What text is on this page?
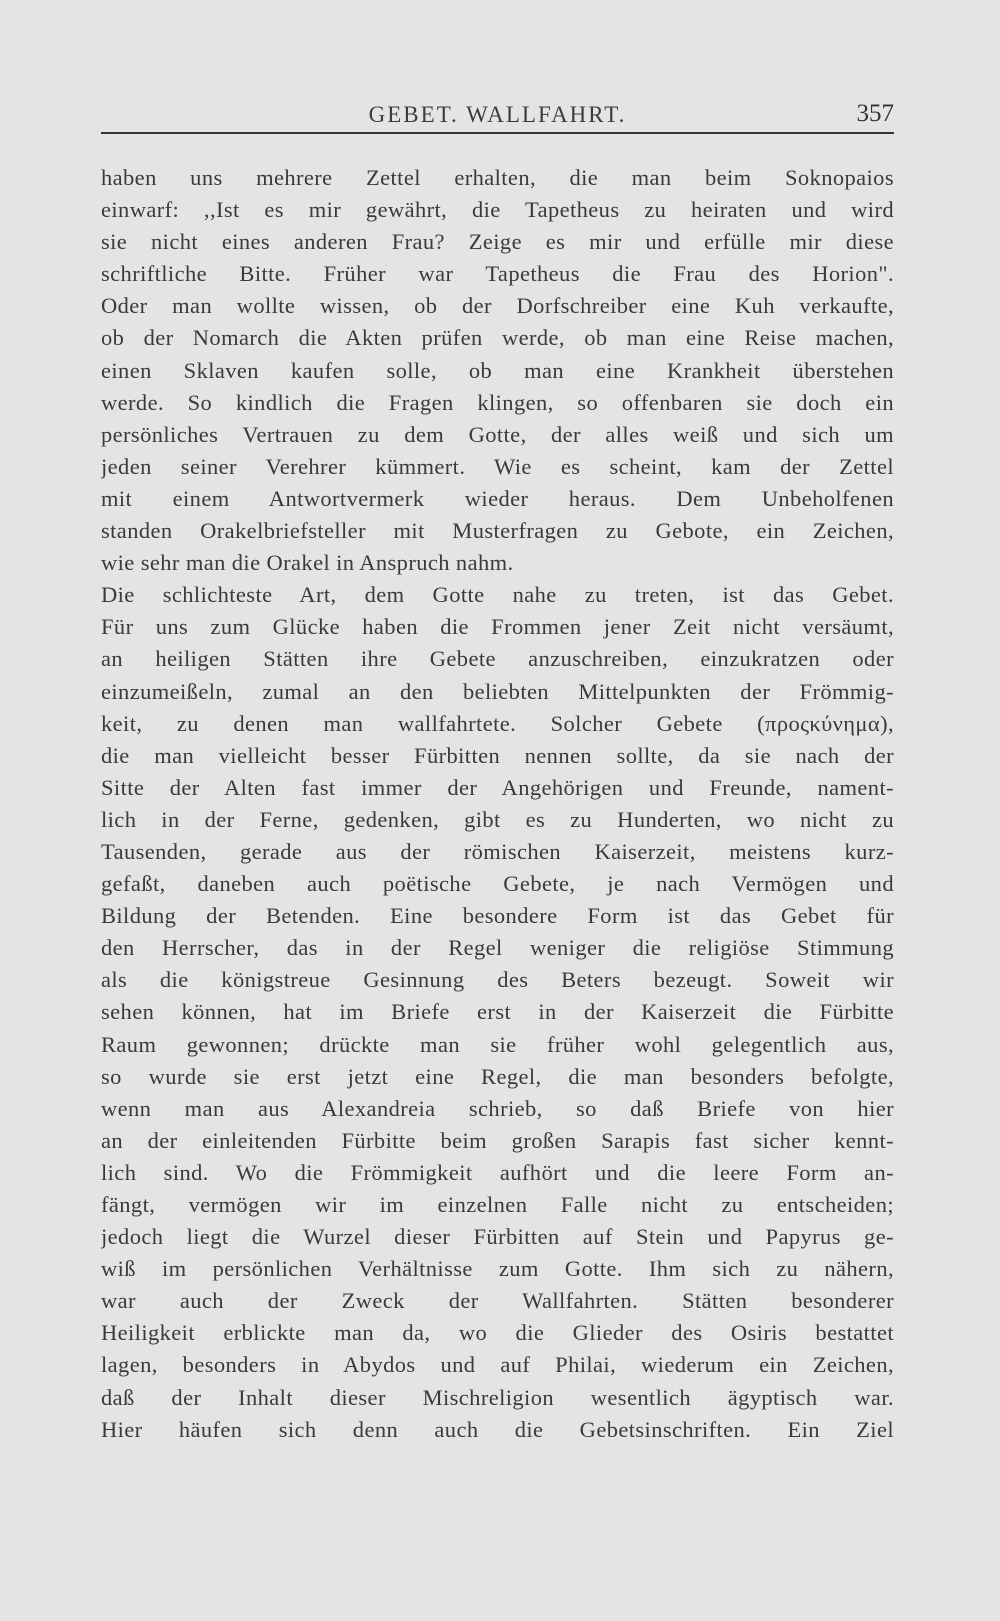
GEBET. WALLFAHRT.	357
haben uns mehrere Zettel erhalten, die man beim Soknopaios
einwarf: ,,Ist es mir gewährt, die Tapetheus zu heiraten und wird
sie nicht eines anderen Frau? Zeige es mir und erfülle mir diese
schriftliche Bitte. Früher war Tapetheus die Frau des Horion".
Oder man wollte wissen, ob der Dorfschreiber eine Kuh verkaufte,
ob der Nomarch die Akten prüfen werde, ob man eine Reise machen,
einen Sklaven kaufen solle, ob man eine Krankheit überstehen
werde. So kindlich die Fragen klingen, so offenbaren sie doch ein
persönliches Vertrauen zu dem Gotte, der alles weiß und sich um
jeden seiner Verehrer kümmert. Wie es scheint, kam der Zettel
mit einem Antwortvermerk wieder heraus. Dem Unbeholfenen
standen Orakelbriefsteller mit Musterfragen zu Gebote, ein Zeichen,
wie sehr man die Orakel in Anspruch nahm.
Die schlichteste Art, dem Gotte nahe zu treten, ist das Gebet.
Für uns zum Glücke haben die Frommen jener Zeit nicht versäumt,
an heiligen Stätten ihre Gebete anzuschreiben, einzukratzen oder
einzumeißeln, zumal an den beliebten Mittelpunkten der Frömmig-
keit, zu denen man wallfahrtete. Solcher Gebete (προςκύνημα),
die man vielleicht besser Fürbitten nennen sollte, da sie nach der
Sitte der Alten fast immer der Angehörigen und Freunde, nament-
lich in der Ferne, gedenken, gibt es zu Hunderten, wo nicht zu
Tausenden, gerade aus der römischen Kaiserzeit, meistens kurz-
gefaßt, daneben auch poëtische Gebete, je nach Vermögen und
Bildung der Betenden. Eine besondere Form ist das Gebet für
den Herrscher, das in der Regel weniger die religiöse Stimmung
als die königstreue Gesinnung des Beters bezeugt. Soweit wir
sehen können, hat im Briefe erst in der Kaiserzeit die Fürbitte
Raum gewonnen; drückte man sie früher wohl gelegentlich aus,
so wurde sie erst jetzt eine Regel, die man besonders befolgte,
wenn man aus Alexandreia schrieb, so daß Briefe von hier
an der einleitenden Fürbitte beim großen Sarapis fast sicher kennt-
lich sind. Wo die Frömmigkeit aufhört und die leere Form an-
fängt, vermögen wir im einzelnen Falle nicht zu entscheiden;
jedoch liegt die Wurzel dieser Fürbitten auf Stein und Papyrus ge-
wiß im persönlichen Verhältnisse zum Gotte. Ihm sich zu nähern,
war auch der Zweck der Wallfahrten. Stätten besonderer
Heiligkeit erblickte man da, wo die Glieder des Osiris bestattet
lagen, besonders in Abydos und auf Philai, wiederum ein Zeichen,
daß der Inhalt dieser Mischreligion wesentlich ägyptisch war.
Hier häufen sich denn auch die Gebetsinschriften. Ein Ziel
